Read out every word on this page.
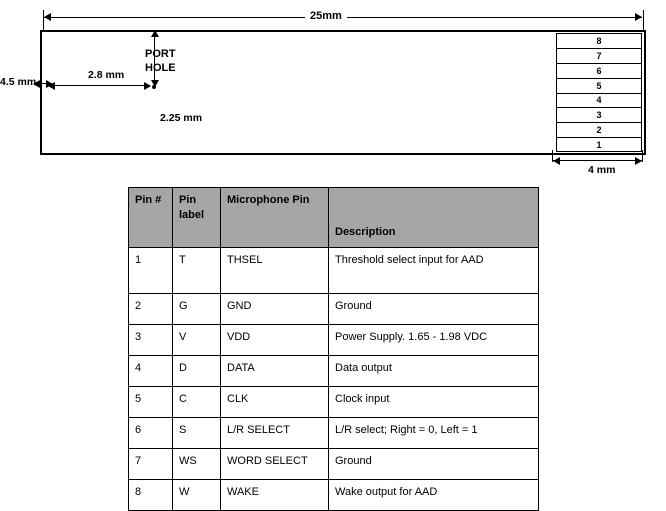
25mm
4.5 mm
2.8 mm
PORT
HOLE
2.25 mm
8
7
6
5
4
3
2
1
4 mm
Pin #	Pin label	Microphone Pin	Description
1	T	THSEL	Threshold select input for AAD
2	G	GND	Ground
3	V	VDD	Power Supply. 1.65 - 1.98 VDC
4	D	DATA	Data output
5	C	CLK	Clock input
6	S	L/R SELECT	L/R select; Right = 0, Left = 1
7	WS	WORD SELECT	Ground
8	W	WAKE	Wake output for AAD
